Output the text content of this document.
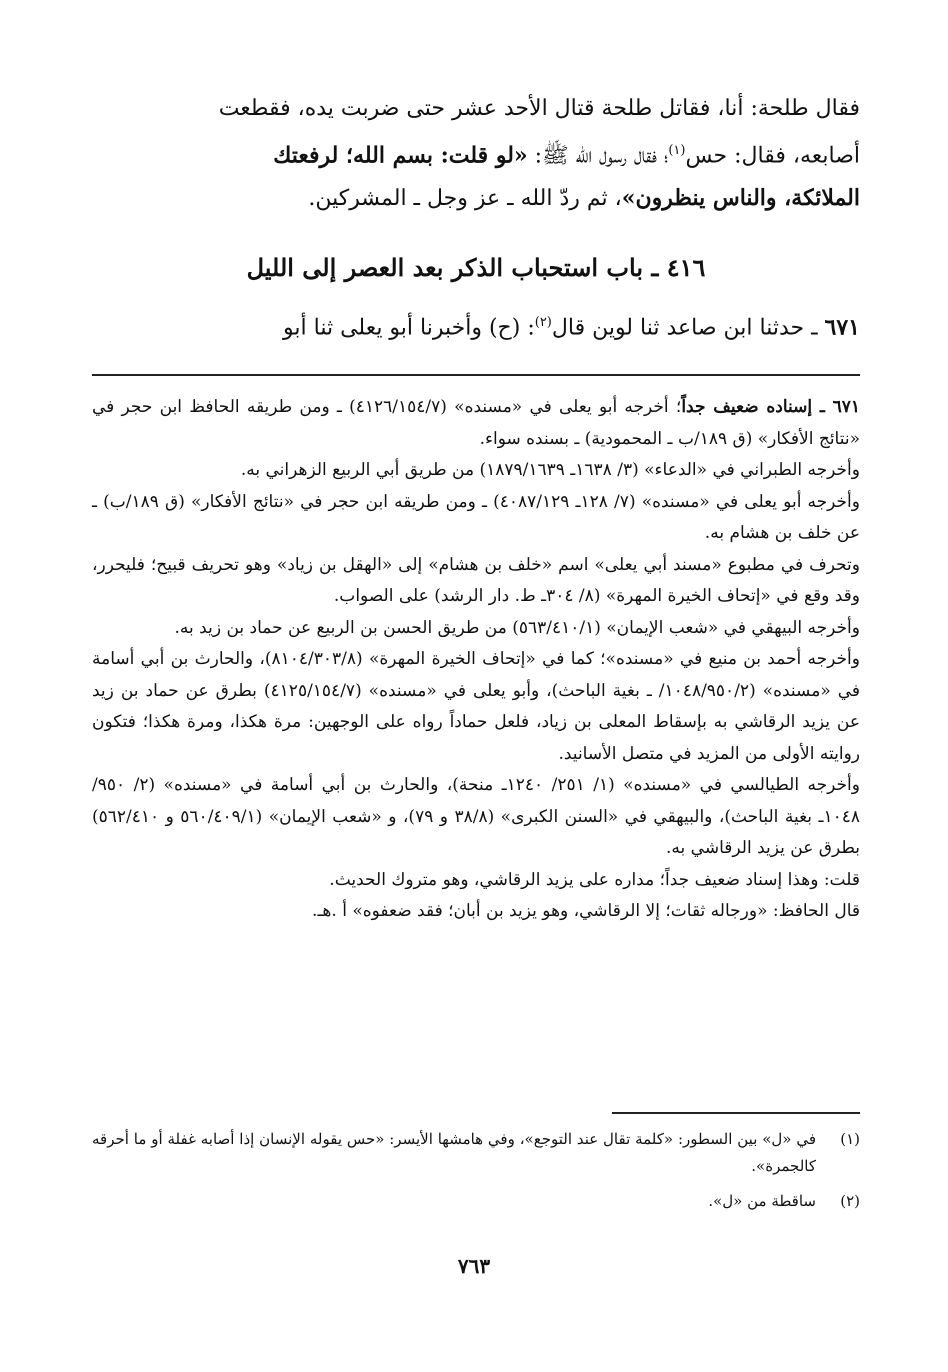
فقال طلحة: أنا، فقاتل طلحة قتال الأحد عشر حتى ضربت يده، فقطعت

أصابعه، فقال: حس$^{(١)}$؛ فقال رسول الله ﷺ: «لو قلت: بسم الله؛ لرفعتك

الملائكة، والناس ينظرون»، ثم ردّ الله ـ عز وجل ـ المشركين.

٤١٦ ـ باب استحباب الذكر بعد العصر إلى الليل

٦٧١ ـ حدثنا ابن صاعد ثنا لوين قال$^{(٢)}$: (ح) وأخبرنا أبو يعلى ثنا أبو

٦٧١ ـ إسناده ضعيف جداً؛ أخرجه أبو يعلى في «مسنده» (٤١٢٦/١٥٤/٧) ـ ومن طريقه الحافظ ابن حجر في «نتائج الأفكار» (ق ١٨٩/ب ـ المحمودية) ـ بسنده سواء.

وأخرجه الطبراني في «الدعاء» (٣/ ١٦٣٨ـ ١٨٧٩/١٦٣٩) من طريق أبي الربيع الزهراني به.

وأخرجه أبو يعلى في «مسنده» (٧/ ١٢٨ـ ٤٠٨٧/١٢٩) ـ ومن طريقه ابن حجر في «نتائج الأفكار» (ق ١٨٩/ب) ـ عن خلف بن هشام به.

وتحرف في مطبوع «مسند أبي يعلى» اسم «خلف بن هشام» إلى «الهقل بن زياد» وهو تحريف قبيح؛ فليحرر، وقد وقع في «إتحاف الخيرة المهرة» (٨/ ٣٠٤ـ ط. دار الرشد) على الصواب.

وأخرجه البيهقي في «شعب الإيمان» (٥٦٣/٤١٠/١) من طريق الحسن بن الربيع عن حماد بن زيد به.

وأخرجه أحمد بن منيع في «مسنده»؛ كما في «إتحاف الخيرة المهرة» (٨١٠٤/٣٠٣/٨)، والحارث بن أبي أسامة في «مسنده» (١٠٤٨/٩٥٠/٢/ ـ بغية الباحث)، وأبو يعلى في «مسنده» (٤١٢٥/١٥٤/٧) بطرق عن حماد بن زيد عن يزيد الرقاشي به بإسقاط المعلى بن زياد، فلعل حماداً رواه على الوجهين: مرة هكذا، ومرة هكذا؛ فتكون روايته الأولى من المزيد في متصل الأسانيد.

وأخرجه الطيالسي في «مسنده» (١/ ٢٥١/ ١٢٤٠ـ منحة)، والحارث بن أبي أسامة في «مسنده» (٢/ ٩٥٠/ ١٠٤٨ـ بغية الباحث)، والبيهقي في «السنن الكبرى» (٣٨/٨ و ٧٩)، و «شعب الإيمان» (٥٦٠/٤٠٩/١ و ٥٦٢/٤١٠) بطرق عن يزيد الرقاشي به.

قلت: وهذا إسناد ضعيف جداً؛ مداره على يزيد الرقاشي، وهو متروك الحديث.

قال الحافظ: «ورجاله ثقات؛ إلا الرقاشي، وهو يزيد بن أبان؛ فقد ضعفوه» أ .هـ.

(١)
في «ل» بين السطور: «كلمة تقال عند التوجع»، وفي هامشها الأيسر: «حس يقوله الإنسان إذا أصابه غفلة أو ما أحرقه كالجمرة».
(٢)
ساقطة من «ل».
٧٦٣
